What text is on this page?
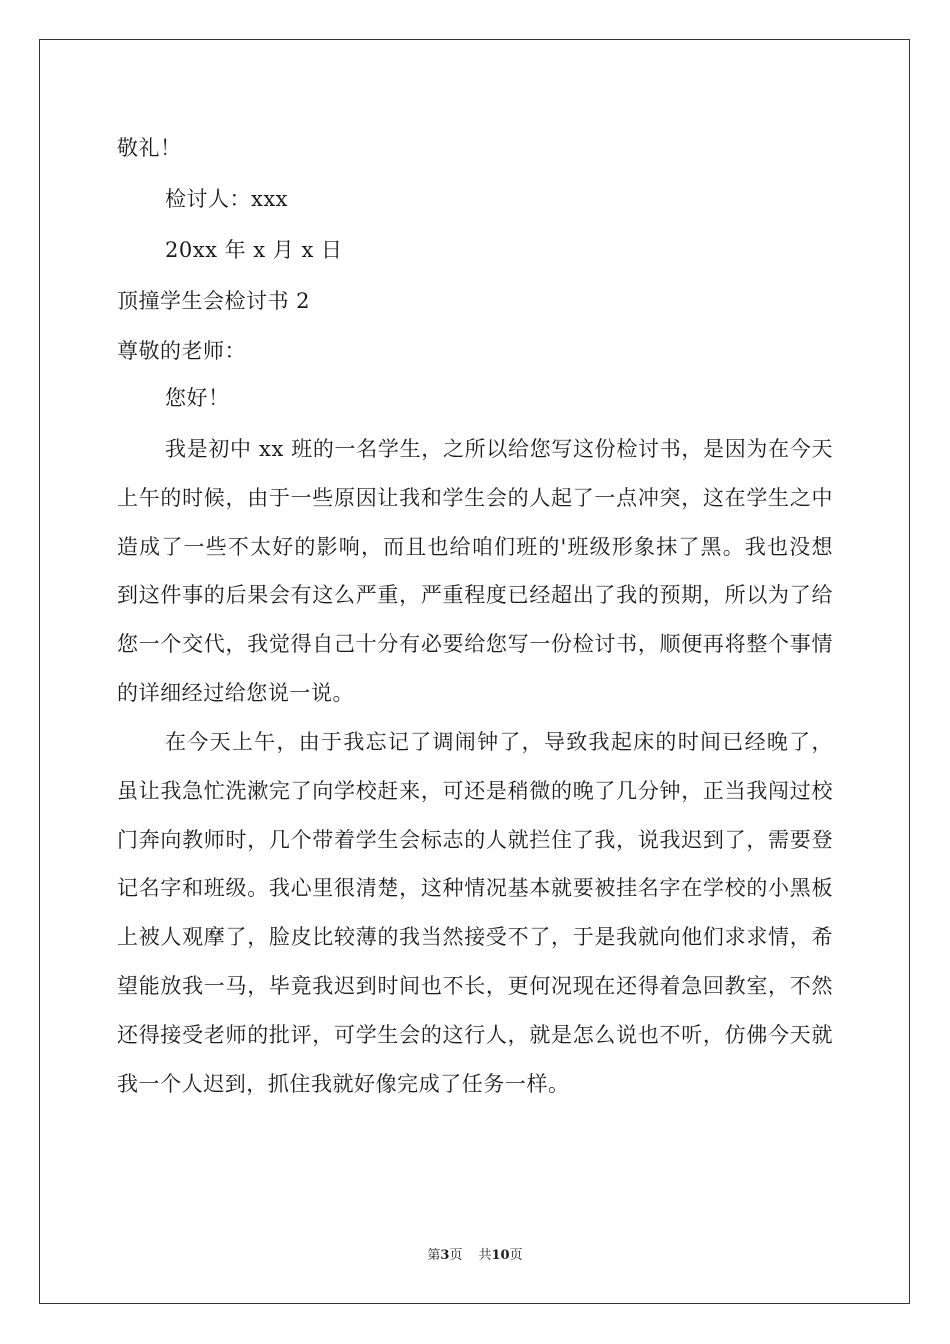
敬礼！
检讨人：xxx
20xx 年 x 月 x 日
顶撞学生会检讨书 2
尊敬的老师：
您好！
我是初中 xx 班的一名学生，之所以给您写这份检讨书，是因为在今天上午的时候，由于一些原因让我和学生会的人起了一点冲突，这在学生之中造成了一些不太好的影响，而且也给咱们班的'班级形象抹了黑。我也没想到这件事的后果会有这么严重，严重程度已经超出了我的预期，所以为了给您一个交代，我觉得自己十分有必要给您写一份检讨书，顺便再将整个事情的详细经过给您说一说。
在今天上午，由于我忘记了调闹钟了，导致我起床的时间已经晚了，虽让我急忙洗漱完了向学校赶来，可还是稍微的晚了几分钟，正当我闯过校门奔向教师时，几个带着学生会标志的人就拦住了我，说我迟到了，需要登记名字和班级。我心里很清楚，这种情况基本就要被挂名字在学校的小黑板上被人观摩了，脸皮比较薄的我当然接受不了，于是我就向他们求求情，希望能放我一马，毕竟我迟到时间也不长，更何况现在还得着急回教室，不然还得接受老师的批评，可学生会的这行人，就是怎么说也不听，仿佛今天就我一个人迟到，抓住我就好像完成了任务一样。
第3页 共10页
